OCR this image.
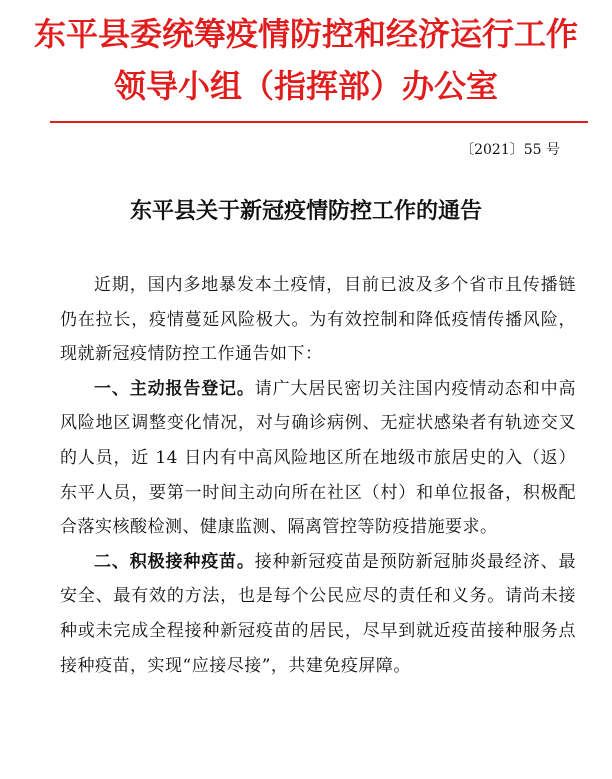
东平县委统筹疫情防控和经济运行工作
领导小组（指挥部）办公室
〔2021〕55 号
东平县关于新冠疫情防控工作的通告

近期，国内多地暴发本土疫情，目前已波及多个省市且传播链仍在拉长，疫情蔓延风险极大。为有效控制和降低疫情传播风险，现就新冠疫情防控工作通告如下：

一、主动报告登记。请广大居民密切关注国内疫情动态和中高风险地区调整变化情况，对与确诊病例、无症状感染者有轨迹交叉的人员，近 14 日内有中高风险地区所在地级市旅居史的入（返）东平人员，要第一时间主动向所在社区（村）和单位报备，积极配合落实核酸检测、健康监测、隔离管控等防疫措施要求。

二、积极接种疫苗。接种新冠疫苗是预防新冠肺炎最经济、最安全、最有效的方法，也是每个公民应尽的责任和义务。请尚未接种或未完成全程接种新冠疫苗的居民，尽早到就近疫苗接种服务点接种疫苗，实现“应接尽接”，共建免疫屏障。
